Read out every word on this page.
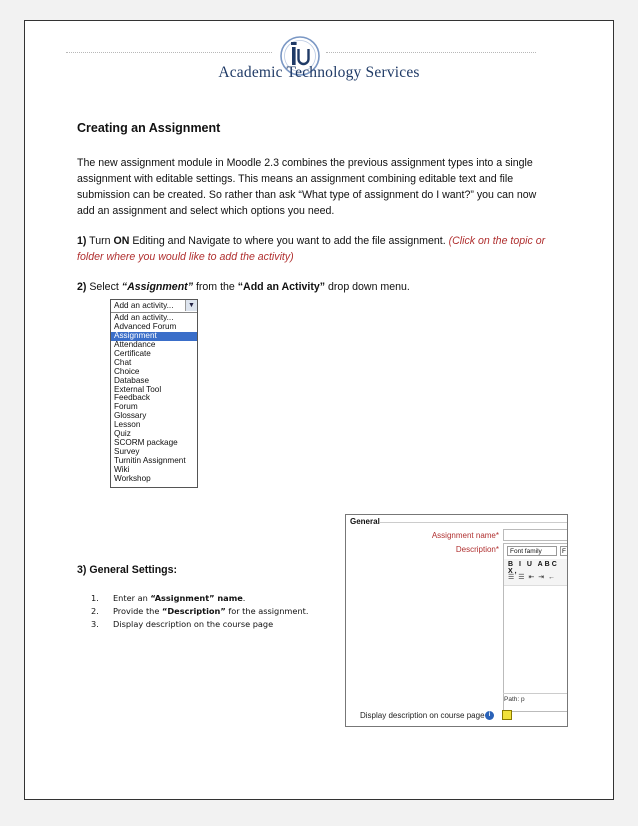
Academic Technology Services
Creating an Assignment

The new assignment module in Moodle 2.3 combines the previous assignment types into a single assignment with editable settings. This means an assignment combining editable text and file submission can be created. So rather than ask “What type of assignment do I want?” you can now add an assignment and select which options you need.

1) Turn ON Editing and Navigate to where you want to add the file assignment. (Click on the topic or folder where you would like to add the activity)

2) Select “Assignment” from the “Add an Activity” drop down menu.

Add an activity...	▼
Add an activity...
Advanced Forum
Assignment
Attendance
Certificate
Chat
Choice
Database
External Tool
Feedback
Forum
Glossary
Lesson
Quiz
SCORM package
Survey
Turnitin Assignment
Wiki
Workshop
3) General Settings:
1. Enter an “Assignment” name.
2. Provide the “Description” for the assignment.
3. Display description on the course page
General
Assignment name*
Description*	Font family	F
B I U ABC X,
☰ ☰ ⇤ ⇥ ←
Path: p
Display description on course page i
